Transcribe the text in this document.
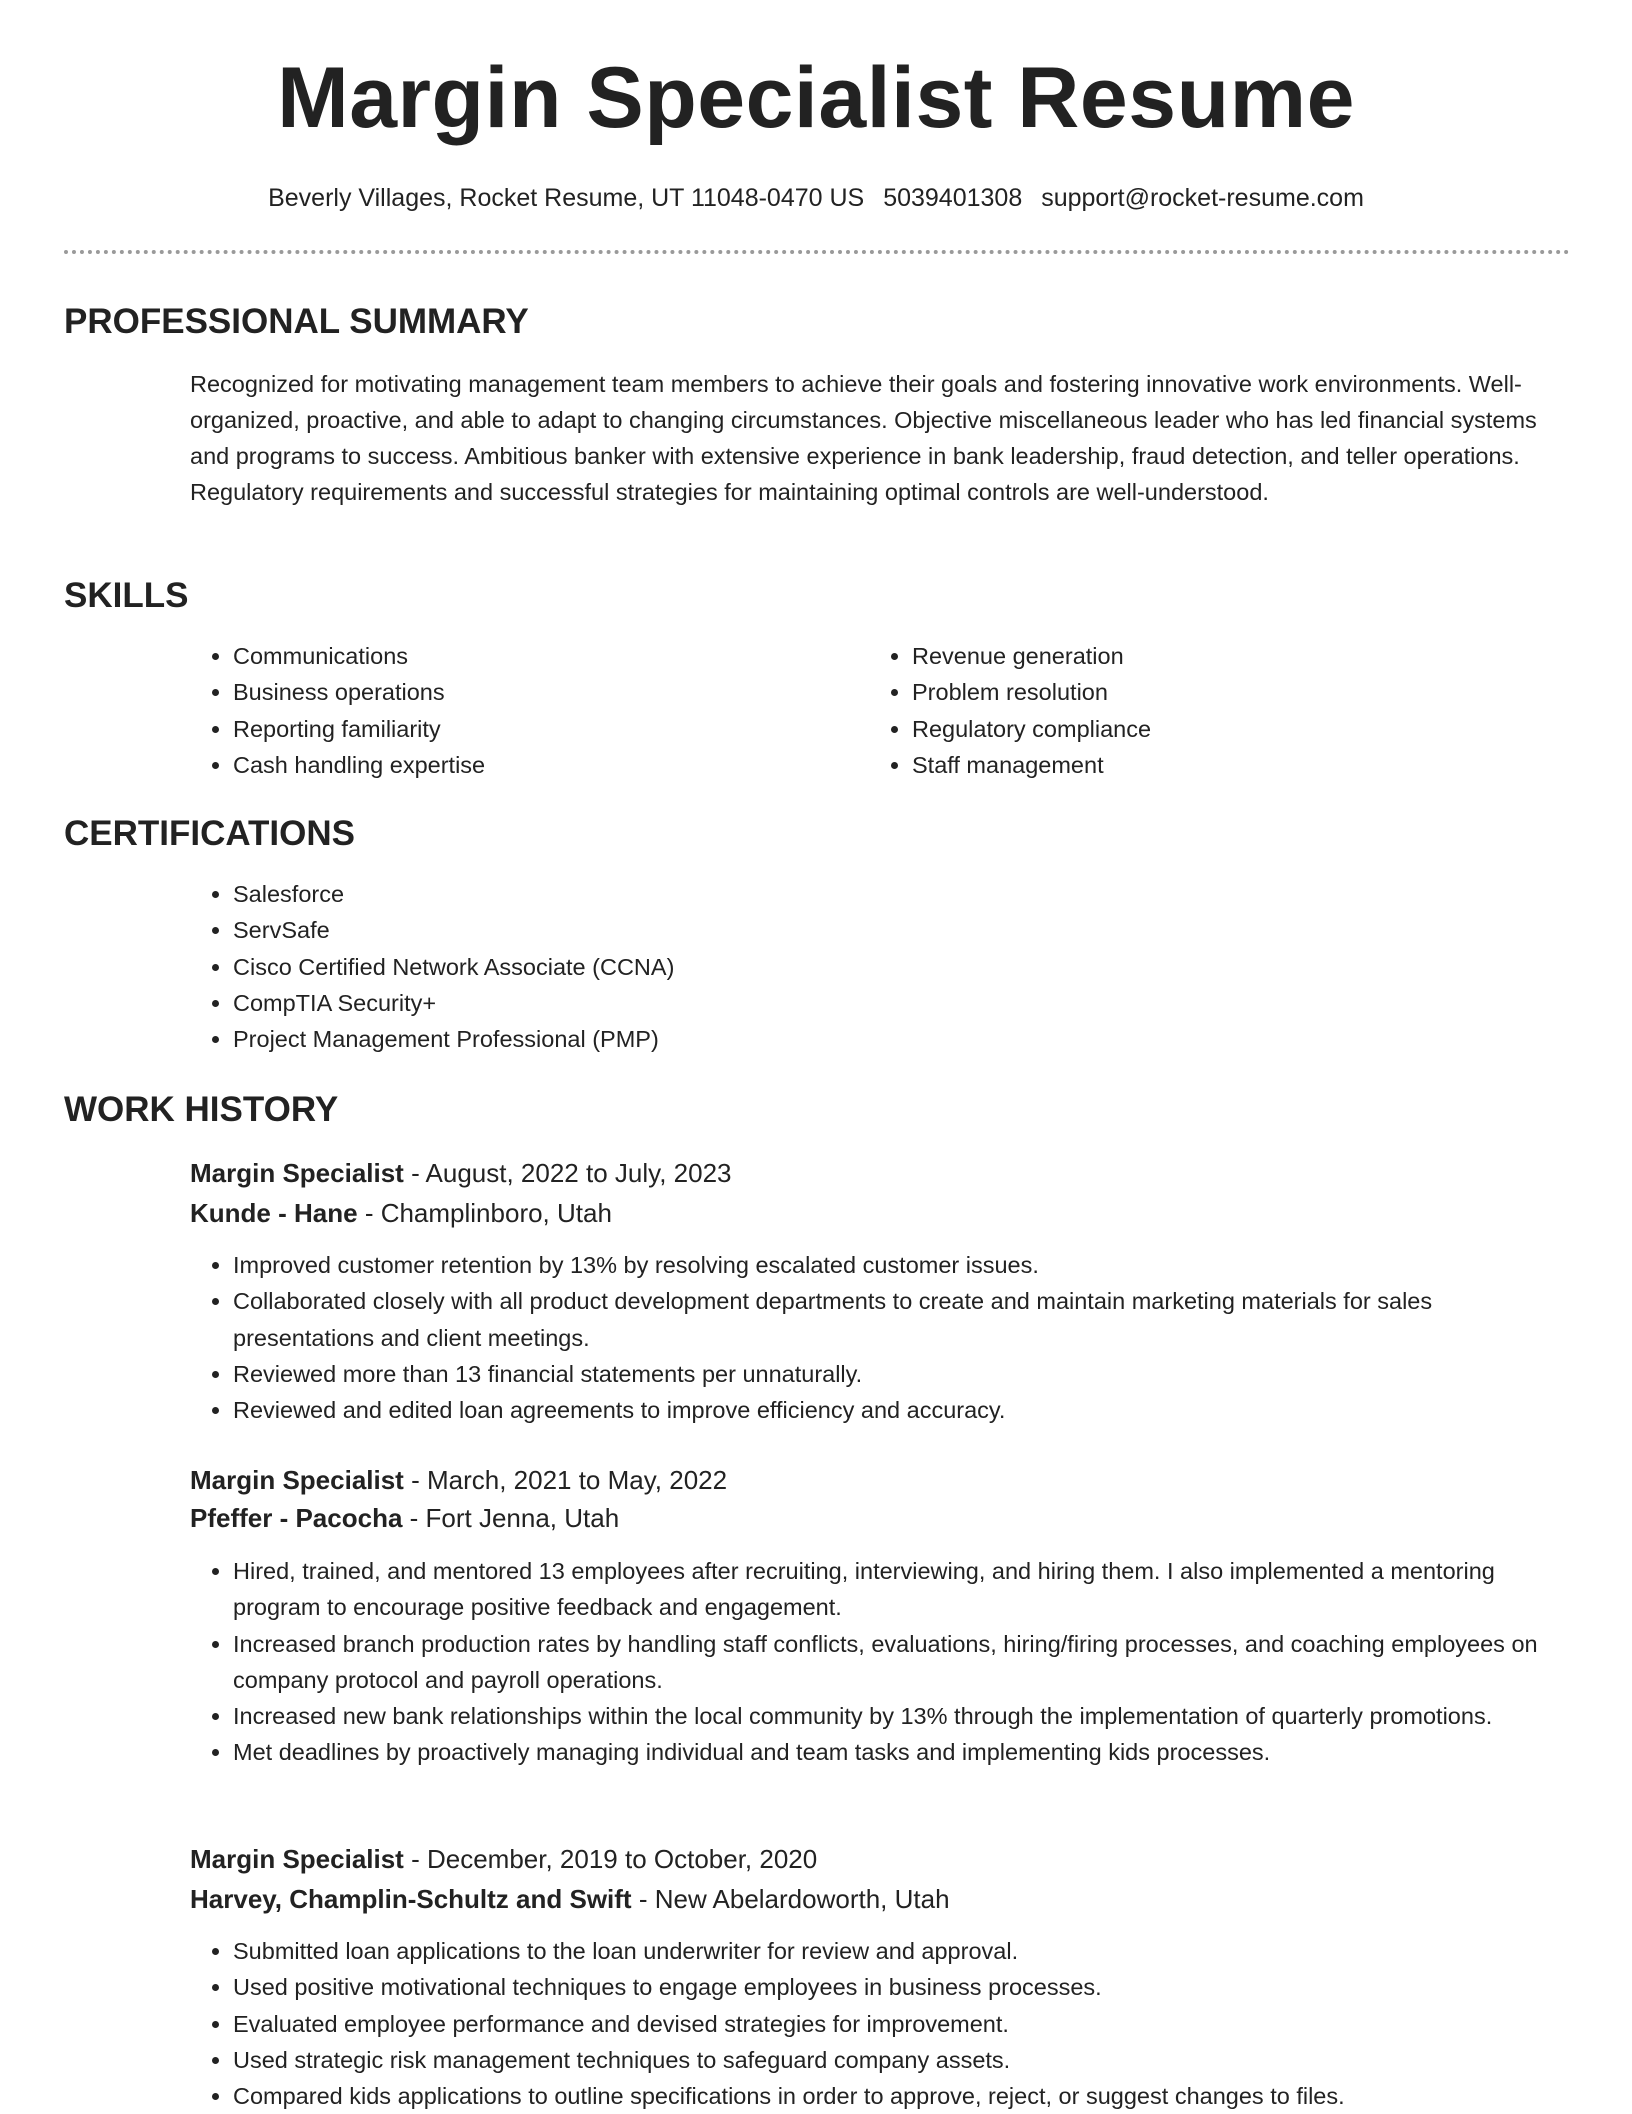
Margin Specialist Resume
Beverly Villages, Rocket Resume, UT 11048-0470 US 5039401308 support@rocket-resume.com
PROFESSIONAL SUMMARY

Recognized for motivating management team members to achieve their goals and fostering innovative work environments. Well-organized, proactive, and able to adapt to changing circumstances. Objective miscellaneous leader who has led financial systems and programs to success. Ambitious banker with extensive experience in bank leadership, fraud detection, and teller operations. Regulatory requirements and successful strategies for maintaining optimal controls are well-understood.

SKILLS
• Communications
• Business operations
• Reporting familiarity
• Cash handling expertise
• Revenue generation
• Problem resolution
• Regulatory compliance
• Staff management
CERTIFICATIONS
• Salesforce
• ServSafe
• Cisco Certified Network Associate (CCNA)
• CompTIA Security+
• Project Management Professional (PMP)
WORK HISTORY
Margin Specialist - August, 2022 to July, 2023
Kunde - Hane - Champlinboro, Utah
• Improved customer retention by 13% by resolving escalated customer issues.
• Collaborated closely with all product development departments to create and maintain marketing materials for sales presentations and client meetings.
• Reviewed more than 13 financial statements per unnaturally.
• Reviewed and edited loan agreements to improve efficiency and accuracy.
Margin Specialist - March, 2021 to May, 2022
Pfeffer - Pacocha - Fort Jenna, Utah
• Hired, trained, and mentored 13 employees after recruiting, interviewing, and hiring them. I also implemented a mentoring program to encourage positive feedback and engagement.
• Increased branch production rates by handling staff conflicts, evaluations, hiring/firing processes, and coaching employees on company protocol and payroll operations.
• Increased new bank relationships within the local community by 13% through the implementation of quarterly promotions.
• Met deadlines by proactively managing individual and team tasks and implementing kids processes.
Margin Specialist - December, 2019 to October, 2020
Harvey, Champlin-Schultz and Swift - New Abelardoworth, Utah
• Submitted loan applications to the loan underwriter for review and approval.
• Used positive motivational techniques to engage employees in business processes.
• Evaluated employee performance and devised strategies for improvement.
• Used strategic risk management techniques to safeguard company assets.
• Compared kids applications to outline specifications in order to approve, reject, or suggest changes to files.
